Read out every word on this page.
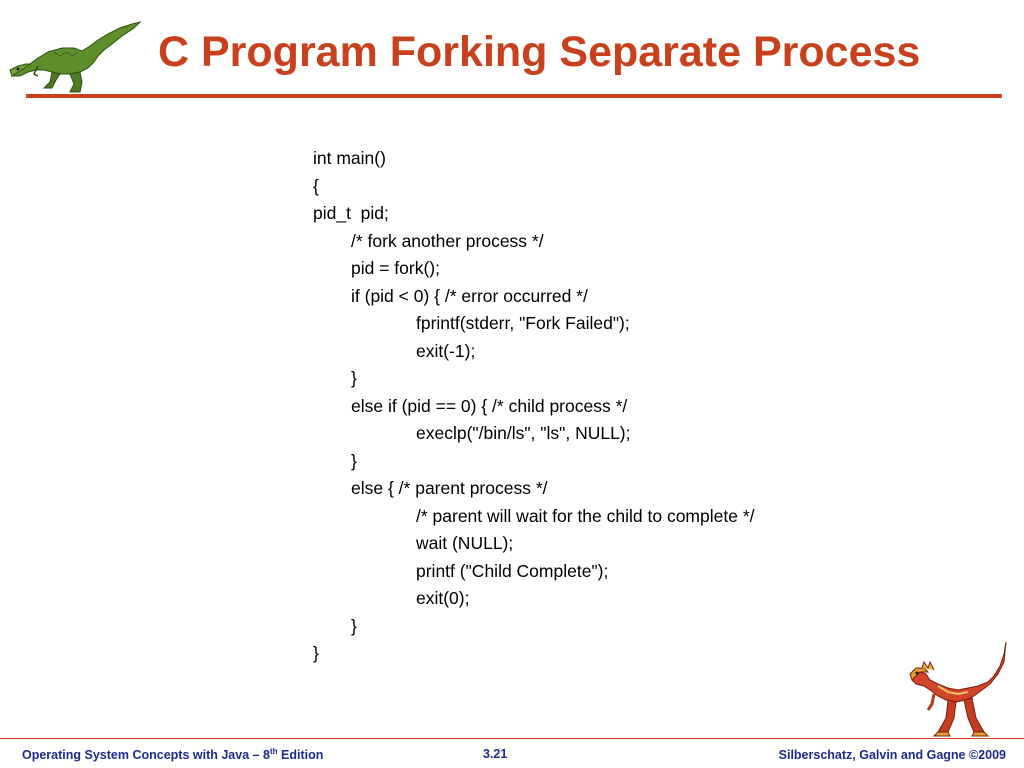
C Program Forking Separate Process
int main()
{
pid_t  pid;
/* fork another process */
pid = fork();
if (pid < 0) { /* error occurred */
fprintf(stderr, "Fork Failed");
exit(-1);
}
else if (pid == 0) { /* child process */
execlp("/bin/ls", "ls", NULL);
}
else { /* parent process */
/* parent will wait for the child to complete */
wait (NULL);
printf ("Child Complete");
exit(0);
}
}
Operating System Concepts with Java – 8th Edition	3.21	Silberschatz, Galvin and Gagne ©2009
